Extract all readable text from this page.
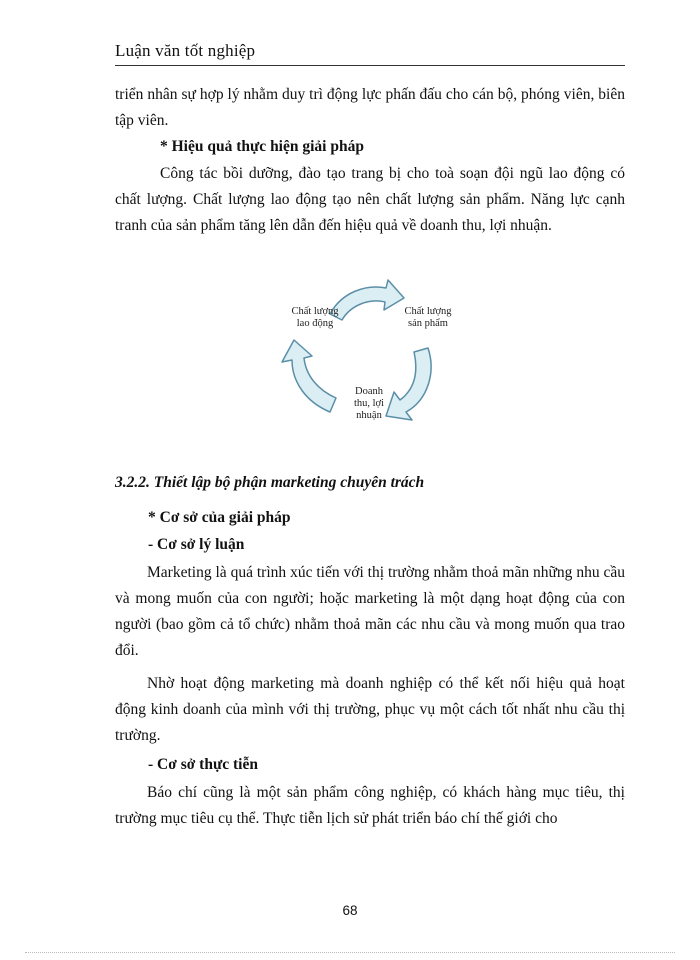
Luận văn tốt nghiệp

triển nhân sự hợp lý nhằm duy trì động lực phấn đấu cho cán bộ, phóng viên, biên tập viên.

* Hiệu quả thực hiện giải pháp

Công tác bồi dưỡng, đào tạo trang bị cho toà soạn đội ngũ lao động có chất lượng. Chất lượng lao động tạo nên chất lượng sản phẩm. Năng lực cạnh tranh của sản phẩm tăng lên dẫn đến hiệu quả về doanh thu, lợi nhuận.

Chất lượng lao động
Chất lượng sản phẩm
Doanh thu, lợi nhuận

3.2.2. Thiết lập bộ phận marketing chuyên trách

* Cơ sở của giải pháp

- Cơ sở lý luận

Marketing là quá trình xúc tiến với thị trường nhằm thoả mãn những nhu cầu và mong muốn của con người; hoặc marketing là một dạng hoạt động của con người (bao gồm cả tổ chức) nhằm thoả mãn các nhu cầu và mong muốn qua trao đổi.

Nhờ hoạt động marketing mà doanh nghiệp có thể kết nối hiệu quả hoạt động kinh doanh của mình với thị trường, phục vụ một cách tốt nhất nhu cầu thị trường.

- Cơ sở thực tiễn

Báo chí cũng là một sản phẩm công nghiệp, có khách hàng mục tiêu, thị trường mục tiêu cụ thể. Thực tiễn lịch sử phát triển báo chí thế giới cho

68
